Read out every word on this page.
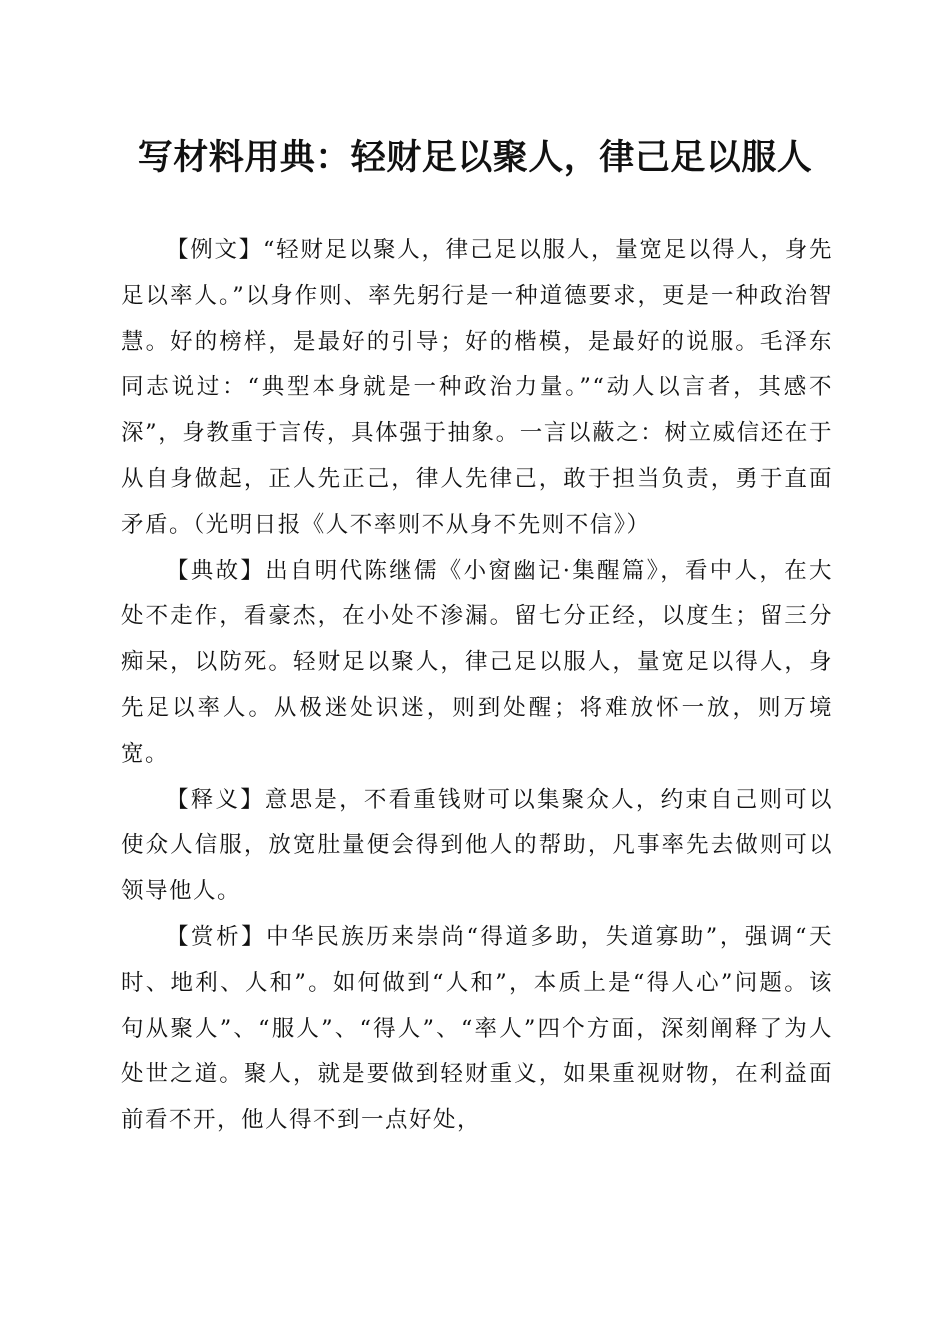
写材料用典：轻财足以聚人，律己足以服人

【例文】“轻财足以聚人，律己足以服人，量宽足以得人，身先足以率人。”以身作则、率先躬行是一种道德要求，更是一种政治智慧。好的榜样，是最好的引导；好的楷模，是最好的说服。毛泽东同志说过：“典型本身就是一种政治力量。”“动人以言者，其感不深”，身教重于言传，具体强于抽象。一言以蔽之：树立威信还在于从自身做起，正人先正己，律人先律己，敢于担当负责，勇于直面矛盾。（光明日报《人不率则不从身不先则不信》）

【典故】出自明代陈继儒《小窗幽记·集醒篇》，看中人，在大处不走作，看豪杰，在小处不渗漏。留七分正经，以度生；留三分痴呆，以防死。轻财足以聚人，律己足以服人，量宽足以得人，身先足以率人。从极迷处识迷，则到处醒；将难放怀一放，则万境宽。

【释义】意思是，不看重钱财可以集聚众人，约束自己则可以使众人信服，放宽肚量便会得到他人的帮助，凡事率先去做则可以领导他人。

【赏析】中华民族历来崇尚“得道多助，失道寡助”，强调“天时、地利、人和”。如何做到“人和”，本质上是“得人心”问题。该句从聚人”、“服人”、“得人”、“率人”四个方面，深刻阐释了为人处世之道。聚人，就是要做到轻财重义，如果重视财物，在利益面前看不开，他人得不到一点好处，
